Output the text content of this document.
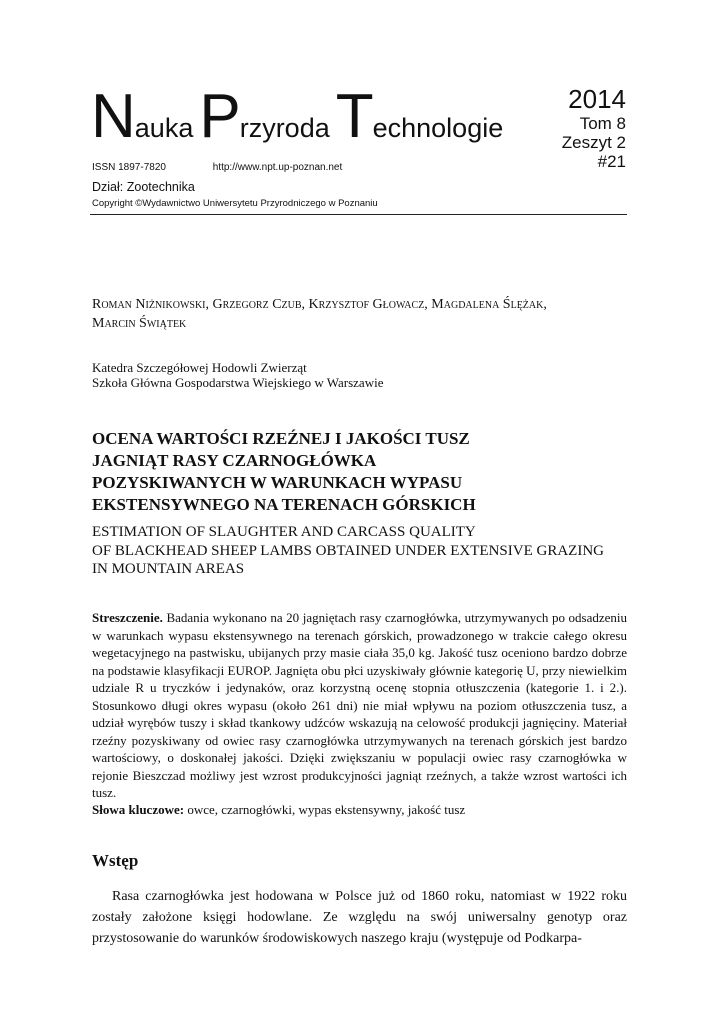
NaukaPrzyrodaTechnologie
2014
Tom 8
Zeszyt 2
#21
ISSN 1897-7820	http://www.npt.up-poznan.net
Dział: Zootechnika
Copyright ©Wydawnictwo Uniwersytetu Przyrodniczego w Poznaniu
Roman Niżnikowski, Grzegorz Czub, Krzysztof Głowacz, Magdalena Ślężak,
Marcin Świątek
Katedra Szczegółowej Hodowli Zwierząt
Szkoła Główna Gospodarstwa Wiejskiego w Warszawie
OCENA WARTOŚCI RZEŹNEJ I JAKOŚCI TUSZ
JAGNIĄT RASY CZARNOGŁÓWKA
POZYSKIWANYCH W WARUNKACH WYPASU
EKSTENSYWNEGO NA TERENACH GÓRSKICH
ESTIMATION OF SLAUGHTER AND CARCASS QUALITY
OF BLACKHEAD SHEEP LAMBS OBTAINED UNDER EXTENSIVE GRAZING
IN MOUNTAIN AREAS
Streszczenie. Badania wykonano na 20 jagniętach rasy czarnogłówka, utrzymywanych po odsadzeniu w warunkach wypasu ekstensywnego na terenach górskich, prowadzonego w trakcie całego okresu wegetacyjnego na pastwisku, ubijanych przy masie ciała 35,0 kg. Jakość tusz oceniono bardzo dobrze na podstawie klasyfikacji EUROP. Jagnięta obu płci uzyskiwały głównie kategorię U, przy niewielkim udziale R u tryczków i jedynaków, oraz korzystną ocenę stopnia otłuszczenia (kategorie 1. i 2.). Stosunkowo długi okres wypasu (około 261 dni) nie miał wpływu na poziom otłuszczenia tusz, a udział wyrębów tuszy i skład tkankowy udźców wskazują na celowość produkcji jagnięciny. Materiał rzeźny pozyskiwany od owiec rasy czarnogłówka utrzymywanych na terenach górskich jest bardzo wartościowy, o doskonałej jakości. Dzięki zwiększaniu w populacji owiec rasy czarnogłówka w rejonie Bieszczad możliwy jest wzrost produkcyjności jagniąt rzeźnych, a także wzrost wartości ich tusz.
Słowa kluczowe: owce, czarnogłówki, wypas ekstensywny, jakość tusz
Wstęp
Rasa czarnogłówka jest hodowana w Polsce już od 1860 roku, natomiast w 1922 roku zostały założone księgi hodowlane. Ze względu na swój uniwersalny genotyp oraz przystosowanie do warunków środowiskowych naszego kraju (występuje od Podkarpa-
